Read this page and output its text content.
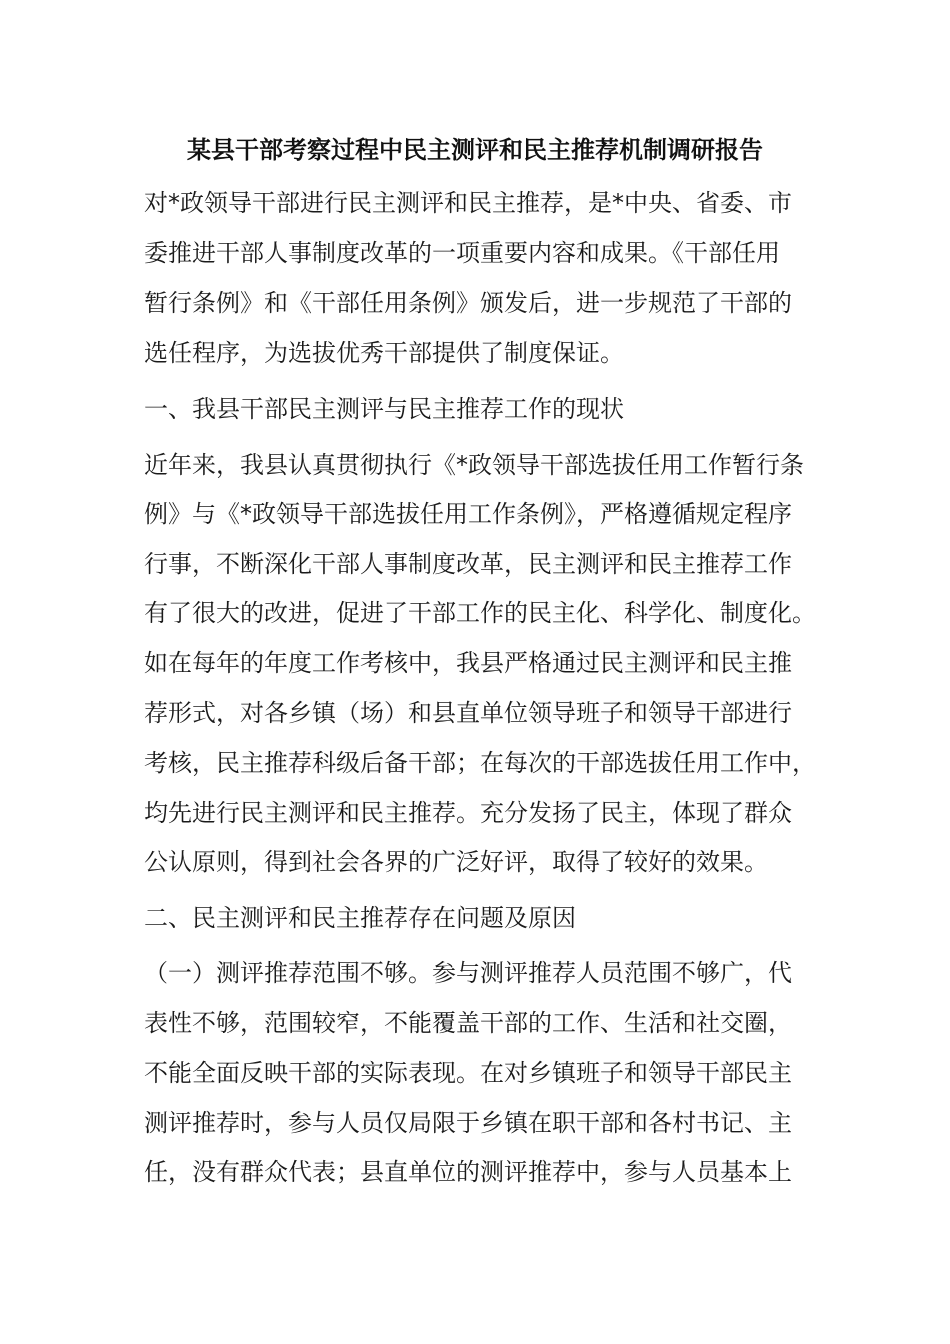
某县干部考察过程中民主测评和民主推荐机制调研报告
对*政领导干部进行民主测评和民主推荐，是*中央、省委、市
委推进干部人事制度改革的一项重要内容和成果。《干部任用
暂行条例》和《干部任用条例》颁发后，进一步规范了干部的
选任程序，为选拔优秀干部提供了制度保证。
一、我县干部民主测评与民主推荐工作的现状
近年来，我县认真贯彻执行《*政领导干部选拔任用工作暂行条
例》与《*政领导干部选拔任用工作条例》，严格遵循规定程序
行事，不断深化干部人事制度改革，民主测评和民主推荐工作
有了很大的改进，促进了干部工作的民主化、科学化、制度化。
如在每年的年度工作考核中，我县严格通过民主测评和民主推
荐形式，对各乡镇（场）和县直单位领导班子和领导干部进行
考核，民主推荐科级后备干部；在每次的干部选拔任用工作中，
均先进行民主测评和民主推荐。充分发扬了民主，体现了群众
公认原则，得到社会各界的广泛好评，取得了较好的效果。
二、民主测评和民主推荐存在问题及原因
（一）测评推荐范围不够。参与测评推荐人员范围不够广，代
表性不够，范围较窄，不能覆盖干部的工作、生活和社交圈，
不能全面反映干部的实际表现。在对乡镇班子和领导干部民主
测评推荐时，参与人员仅局限于乡镇在职干部和各村书记、主
任，没有群众代表；县直单位的测评推荐中，参与人员基本上
